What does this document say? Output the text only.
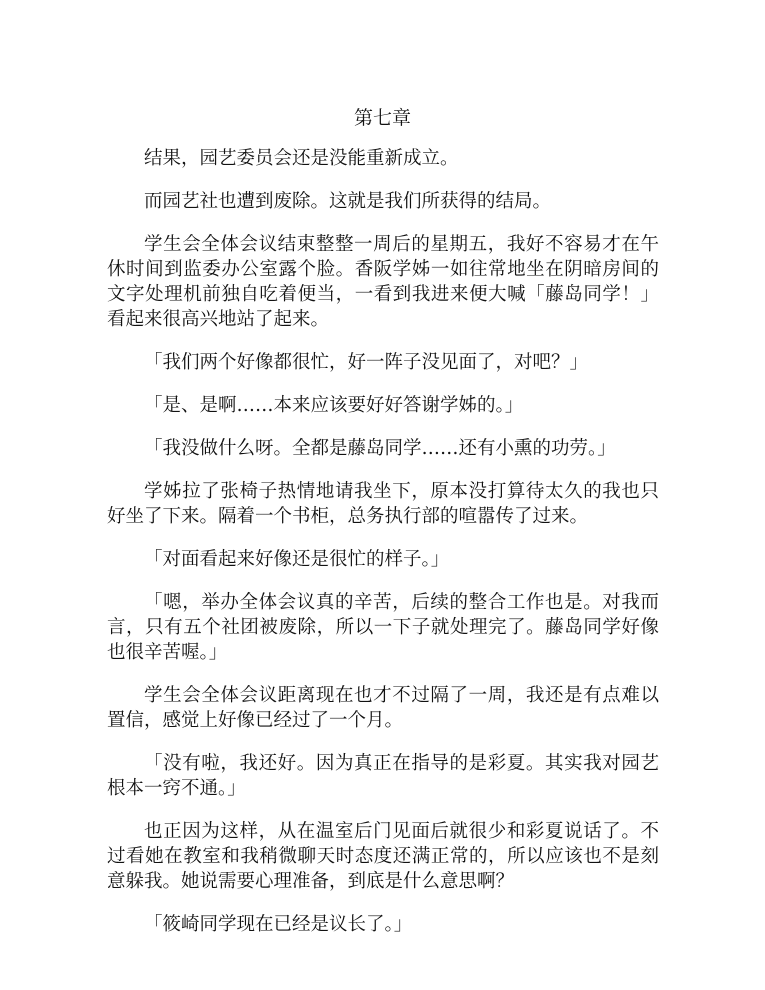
第七章

结果，园艺委员会还是没能重新成立。

而园艺社也遭到废除。这就是我们所获得的结局。

学生会全体会议结束整整一周后的星期五，我好不容易才在午休时间到监委办公室露个脸。香阪学姊一如往常地坐在阴暗房间的文字处理机前独自吃着便当，一看到我进来便大喊「藤岛同学！」看起来很高兴地站了起来。

「我们两个好像都很忙，好一阵子没见面了，对吧？」

「是、是啊……本来应该要好好答谢学姊的。」

「我没做什么呀。全都是藤岛同学……还有小熏的功劳。」

学姊拉了张椅子热情地请我坐下，原本没打算待太久的我也只好坐了下来。隔着一个书柜，总务执行部的喧嚣传了过来。

「对面看起来好像还是很忙的样子。」

「嗯，举办全体会议真的辛苦，后续的整合工作也是。对我而言，只有五个社团被废除，所以一下子就处理完了。藤岛同学好像也很辛苦喔。」

学生会全体会议距离现在也才不过隔了一周，我还是有点难以置信，感觉上好像已经过了一个月。

「没有啦，我还好。因为真正在指导的是彩夏。其实我对园艺根本一窍不通。」

也正因为这样，从在温室后门见面后就很少和彩夏说话了。不过看她在教室和我稍微聊天时态度还满正常的，所以应该也不是刻意躲我。她说需要心理准备，到底是什么意思啊？

「筱崎同学现在已经是议长了。」
